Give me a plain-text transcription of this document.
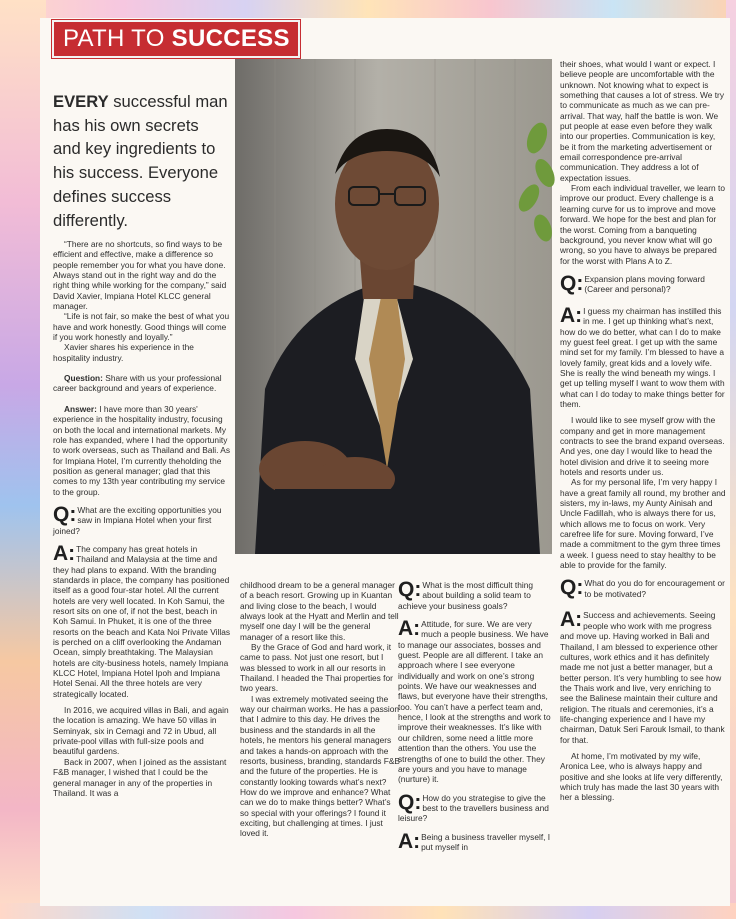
PATH TO SUCCESS
EVERY successful man has his own secrets and key ingredients to his success. Everyone defines success differently.

“There are no shortcuts, so find ways to be efficient and effective, make a difference so people remember you for what you have done. Always stand out in the right way and do the right thing while working for the company,” said David Xavier, Impiana Hotel KLCC general manager.

“Life is not fair, so make the best of what you have and work honestly. Good things will come if you work honestly and loyally.”

Xavier shares his experience in the hospitality industry.

Question: Share with us your professional career background and years of experience.

Answer: I have more than 30 years' experience in the hospitality industry, focusing on both the local and international markets. My role has expanded, where I had the opportunity to work overseas, such as Thailand and Bali. As for Impiana Hotel, I’m currently theholding the position as general manager; glad that this comes to my 13th year contributing my service to the group.

Q: What are the exciting opportunities you saw in Impiana Hotel when your first joined?
A: The company has great hotels in Thailand and Malaysia at the time and they had plans to expand. With the branding standards in place, the company has positioned itself as a good four-star hotel. All the current hotels are very well located. In Koh Samui, the resort sits on one of, if not the best, beach in Koh Samui. In Phuket, it is one of the three resorts on the beach and Kata Noi Private Villas is perched on a cliff overlooking the Andaman Ocean, simply breathtaking. The Malaysian hotels are city-business hotels, namely Impiana KLCC Hotel, Impiana Hotel Ipoh and Impiana Hotel Senai. All the three hotels are very strategically located.

In 2016, we acquired villas in Bali, and again the location is amazing. We have 50 villas in Seminyak, six in Cemagi and 72 in Ubud, all private-pool villas with full-size pools and beautiful gardens.

Back in 2007, when I joined as the assistant F&B manager, I wished that I could be the general manager in any of the properties in Thailand. It was a

childhood dream to be a general manager of a beach resort. Growing up in Kuantan and living close to the beach, I would always look at the Hyatt and Merlin and tell myself one day I will be the general manager of a resort like this.

By the Grace of God and hard work, it came to pass. Not just one resort, but I was blessed to work in all our resorts in Thailand. I headed the Thai properties for two years.

I was extremely motivated seeing the way our chairman works. He has a passion that I admire to this day. He drives the business and the standards in all the hotels, he mentors his general managers and takes a hands-on approach with the resorts, business, branding, standards F&B and the future of the properties. He is constantly looking towards what’s next? How do we improve and enhance? What can we do to make things better? What’s so special with your offerings? I found it exciting, but challenging at times. I just loved it.

Q: What is the most difficult thing about building a solid team to achieve your business goals?
A: Attitude, for sure. We are very much a people business. We have to manage our associates, bosses and guest. People are all different. I take an approach where I see everyone individually and work on one’s strong points. We have our weaknesses and flaws, but everyone have their strengths, too. You can’t have a perfect team and, hence, I look at the strengths and work to improve their weaknesses. It’s like with our children, some need a little more attention than the others. You use the strengths of one to build the other. They are yours and you have to manage (nurture) it.
Q: How do you strategise to give the best to the travellers business and leisure?
A: Being a business traveller myself, I put myself in

their shoes, what would I want or expect. I believe people are uncomfortable with the unknown. Not knowing what to expect is something that causes a lot of stress. We try to communicate as much as we can pre-arrival. That way, half the battle is won. We put people at ease even before they walk into our properties. Communication is key, be it from the marketing advertisement or email correspondence pre-arrival communication. They address a lot of expectation issues.

From each individual traveller, we learn to improve our product. Every challenge is a learning curve for us to improve and move forward. We hope for the best and plan for the worst. Coming from a banqueting background, you never know what will go wrong, so you have to always be prepared for the worst with Plans A to Z.

Q: Expansion plans moving forward (Career and personal)?
A: I guess my chairman has instilled this in me. I get up thinking what’s next, how do we do better, what can I do to make my guest feel great. I get up with the same mind set for my family. I’m blessed to have a lovely family, great kids and a lovely wife. She is really the wind beneath my wings. I get up telling myself I want to wow them with what can I do today to make things better for them.

I would like to see myself grow with the company and get in more management contracts to see the brand expand overseas. And yes, one day I would like to head the hotel division and drive it to seeing more hotels and resorts under us.

As for my personal life, I’m very happy I have a great family all round, my brother and sisters, my in-laws, my Aunty Ainisah and Uncle Fadillah, who is always there for us, which allows me to focus on work. Very carefree life for sure. Moving forward, I’ve made a commitment to the gym three times a week. I guess need to stay healthy to be able to provide for the family.

Q: What do you do for encouragement or to be motivated?
A: Success and achievements. Seeing people who work with me progress and move up. Having worked in Bali and Thailand, I am blessed to experience other cultures, work ethics and it has definitely made me not just a better manager, but a better person. It’s very humbling to see how the Thais work and live, very enriching to see the Balinese maintain their culture and religion. The rituals and ceremonies, it’s a life-changing experience and I have my chairman, Datuk Seri Farouk Ismail, to thank for that.

At home, I’m motivated by my wife, Aronica Lee, who is always happy and positive and she looks at life very differently, which truly has made the last 30 years with her a blessing.
